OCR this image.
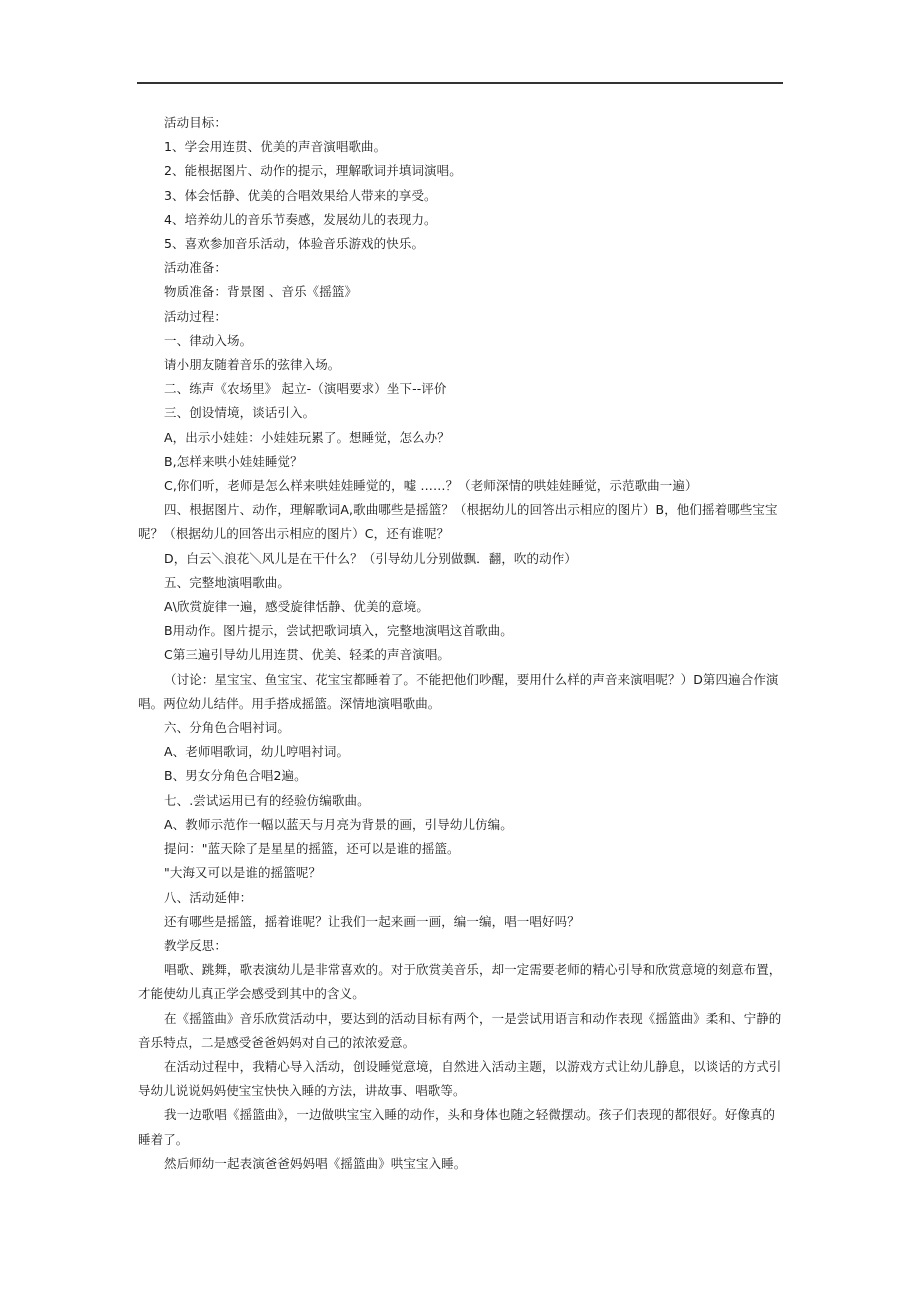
活动目标：

1、学会用连贯、优美的声音演唱歌曲。

2、能根据图片、动作的提示，理解歌词并填词演唱。

3、体会恬静、优美的合唱效果给人带来的享受。

4、培养幼儿的音乐节奏感，发展幼儿的表现力。

5、喜欢参加音乐活动，体验音乐游戏的快乐。

活动准备：

物质准备：背景图 、音乐《摇篮》

活动过程：

一、律动入场。

请小朋友随着音乐的弦律入场。

二、练声《农场里》 起立-（演唱要求）坐下--评价

三、创设情境，谈话引入。

A，出示小娃娃：小娃娃玩累了。想睡觉，怎么办？

B,怎样来哄小娃娃睡觉？

C,你们听，老师是怎么样来哄娃娃睡觉的，嘘 ……？（老师深情的哄娃娃睡觉，示范歌曲一遍）

四、根据图片、动作，理解歌词A,歌曲哪些是摇篮？（根据幼儿的回答出示相应的图片）B，他们摇着哪些宝宝呢？（根据幼儿的回答出示相应的图片）C，还有谁呢？

D，白云＼浪花＼风儿是在干什么？（引导幼儿分别做飘．翻，吹的动作）

五、完整地演唱歌曲。

A\欣赏旋律一遍，感受旋律恬静、优美的意境。

B用动作。图片提示，尝试把歌词填入，完整地演唱这首歌曲。

C第三遍引导幼儿用连贯、优美、轻柔的声音演唱。

（讨论：星宝宝、鱼宝宝、花宝宝都睡着了。不能把他们吵醒，要用什么样的声音来演唱呢？）D第四遍合作演唱。两位幼儿结伴。用手搭成摇篮。深情地演唱歌曲。

六、分角色合唱衬词。

A、老师唱歌词，幼儿哼唱衬词。

B、男女分角色合唱2遍。

七、.尝试运用已有的经验仿编歌曲。

A、教师示范作一幅以蓝天与月亮为背景的画，引导幼儿仿编。

提问："蓝天除了是星星的摇篮，还可以是谁的摇篮。

"大海又可以是谁的摇篮呢？

八、活动延伸：

还有哪些是摇篮，摇着谁呢？让我们一起来画一画，编一编，唱一唱好吗？

教学反思：

唱歌、跳舞，歌表演幼儿是非常喜欢的。对于欣赏美音乐，却一定需要老师的精心引导和欣赏意境的刻意布置，才能使幼儿真正学会感受到其中的含义。

在《摇篮曲》音乐欣赏活动中，要达到的活动目标有两个，一是尝试用语言和动作表现《摇篮曲》柔和、宁静的音乐特点，二是感受爸爸妈妈对自己的浓浓爱意。

在活动过程中，我精心导入活动，创设睡觉意境，自然进入活动主题，以游戏方式让幼儿静息，以谈话的方式引导幼儿说说妈妈使宝宝快快入睡的方法，讲故事、唱歌等。

我一边歌唱《摇篮曲》，一边做哄宝宝入睡的动作，头和身体也随之轻微摆动。孩子们表现的都很好。好像真的睡着了。

然后师幼一起表演爸爸妈妈唱《摇篮曲》哄宝宝入睡。
